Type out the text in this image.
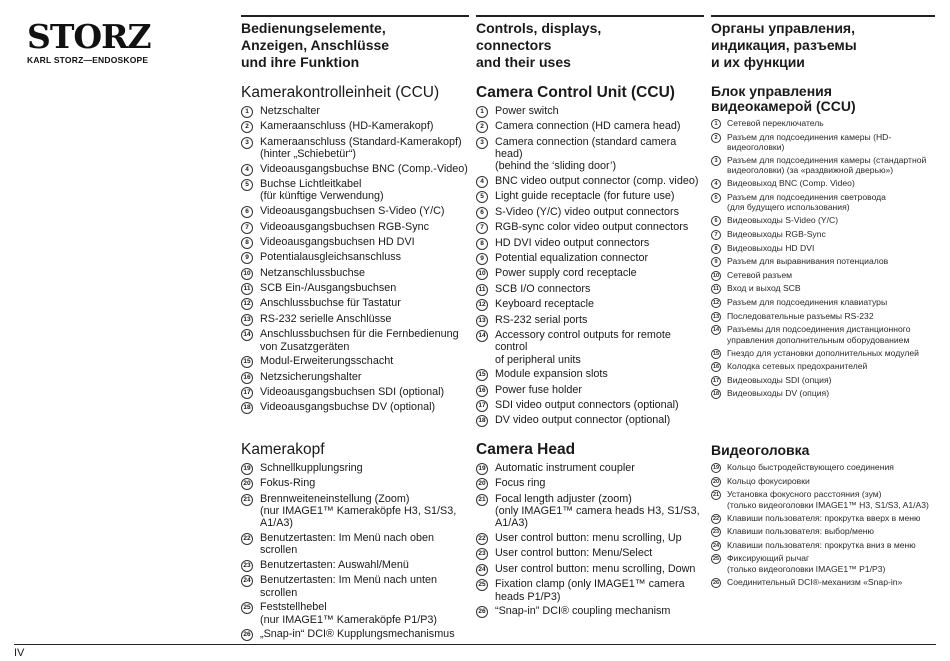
STORZ
KARL STORZ—ENDOSKOPE
Bedienungselemente,
Anzeigen, Anschlüsse
und ihre Funktion
Kamerakontrolleinheit (CCU)
1	Netzschalter
2	Kameraanschluss (HD-Kamerakopf)
3	Kameraanschluss (Standard-Kamerakopf)
(hinter „Schiebetür“)
4	Videoausgangsbuchse BNC (Comp.-Video)
5	Buchse Lichtleitkabel
(für künftige Verwendung)
6	Videoausgangsbuchsen S-Video (Y/C)
7	Videoausgangsbuchsen RGB-Sync
8	Videoausgangsbuchsen HD DVI
9	Potentialausgleichsanschluss
10 Netzanschlussbuchse
11 SCB Ein-/Ausgangsbuchsen
12 Anschlussbuchse für Tastatur
13 RS-232 serielle Anschlüsse
14 Anschlussbuchsen für die Fernbedienung
von Zusatzgeräten
15 Modul-Erweiterungsschacht
16 Netzsicherungshalter
17 Videoausgangsbuchsen SDI (optional)
18 Videoausgangsbuchse DV (optional)
Kamerakopf
19 Schnellkupplungsring
20 Fokus-Ring
21 Brennweiteneinstellung (Zoom)
(nur IMAGE1™ Kameraköpfe H3, S1/S3,
A1/A3)
22 Benutzertasten: Im Menü nach oben scrollen
23 Benutzertasten: Auswahl/Menü
24 Benutzertasten: Im Menü nach unten scrollen
25 Feststellhebel
(nur IMAGE1™ Kameraköpfe P1/P3)
26 „Snap-in“ DCI® Kupplungsmechanismus
Controls, displays,
connectors
and their uses
Camera Control Unit (CCU)
1	Power switch
2	Camera connection (HD camera head)
3	Camera connection (standard camera head)
(behind the ‘sliding door’)
4	BNC video output connector (comp. video)
5	Light guide receptacle (for future use)
6	S-Video (Y/C) video output connectors
7	RGB-sync color video output connectors
8	HD DVI video output connectors
9	Potential equalization connector
10 Power supply cord receptacle
11 SCB I/O connectors
12 Keyboard receptacle
13 RS-232 serial ports
14 Accessory control outputs for remote control
of peripheral units
15 Module expansion slots
16 Power fuse holder
17 SDI video output connectors (optional)
18 DV video output connector (optional)
Camera Head
19 Automatic instrument coupler
20 Focus ring
21 Focal length adjuster (zoom)
(only IMAGE1™ camera heads H3, S1/S3,
A1/A3)
22 User control button: menu scrolling, Up
23 User control button: Menu/Select
24 User control button: menu scrolling, Down
25 Fixation clamp (only IMAGE1™ camera
heads P1/P3)
26 “Snap-in” DCI® coupling mechanism
Органы управления,
индикация, разъемы
и их функции
Блок управления
видеокамерой (CCU)
1	Сетевой переключатель
2	Разъем для подсоединения камеры (HD-
видеоголовки)
3	Разъем для подсоединения камеры (стандартной
видеоголовки) (за «раздвижной дверью»)
4	Видеовыход BNC (Comp. Video)
5	Разъем для подсоединения светровода
(для будущего использования)
6	Видеовыходы S-Video (Y/C)
7	Видеовыходы RGB-Sync
8	Видеовыходы HD DVI
9	Разъем для выравнивания потенциалов
10 Сетевой разъем
11 Вход и выход SCB
12 Разъем для подсоединения клавиатуры
13 Последовательные разъемы RS-232
14 Разъемы для подсоединения дистанционного
управления дополнительным оборудованием
15 Гнездо для установки дополнительных модулей
16 Колодка сетевых предохранителей
17 Видеовыходы SDI (опция)
18 Видеовыходы DV (опция)
Видеоголовка
19 Кольцо быстродействующего соединения
20 Кольцо фокусировки
21 Установка фокусного расстояния (зум)
(только видеоголовки IMAGE1™ H3, S1/S3, A1/A3)
22 Клавиши пользователя: прокрутка вверх в меню
23 Клавиши пользователя: выбор/меню
24 Клавиши пользователя: прокрутка вниз в меню
25 Фиксирующий рычаг
(только видеоголовки IMAGE1™ P1/P3)
26 Соединительный DCI®-механизм «Snap-in»
IV
